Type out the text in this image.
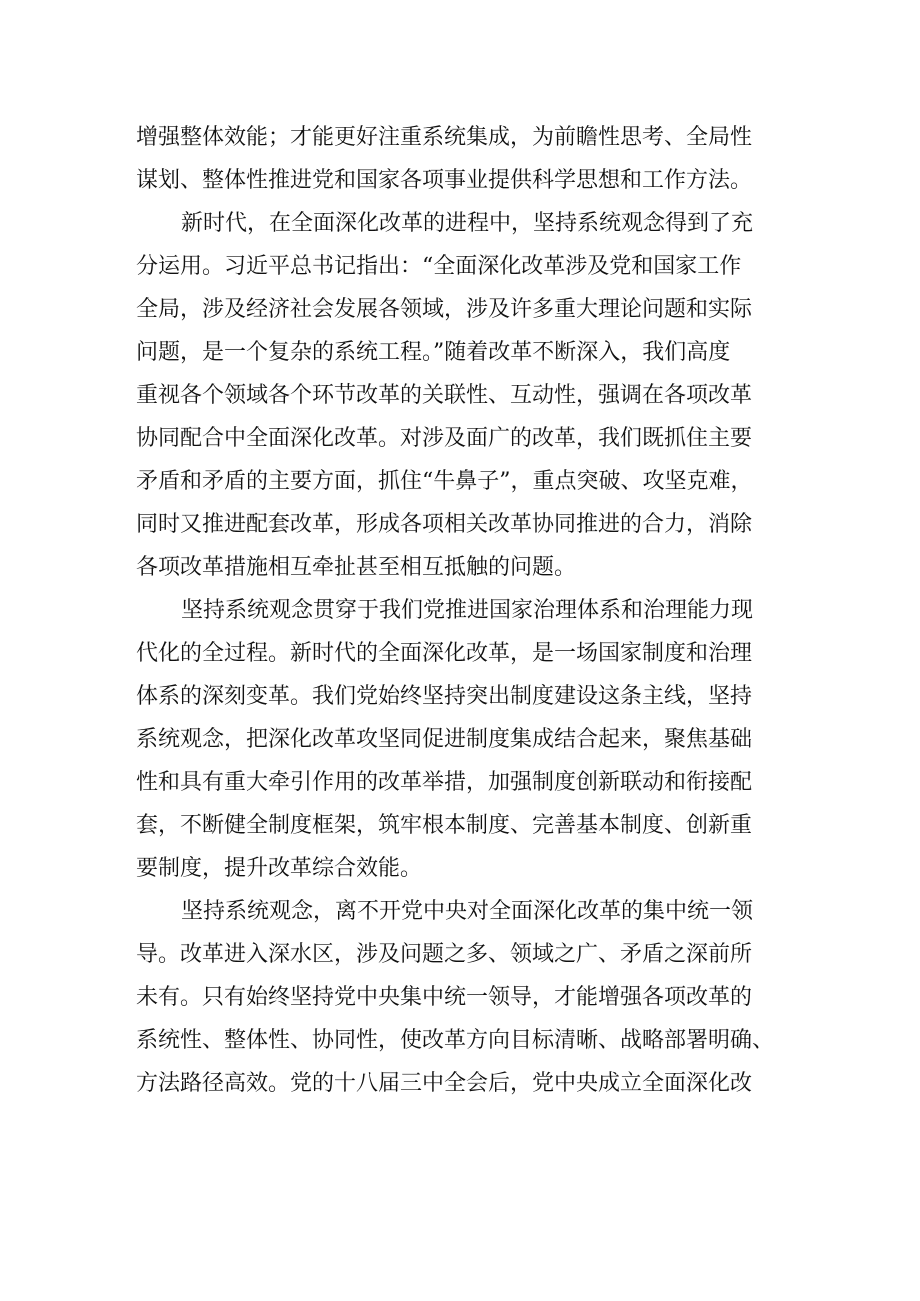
增强整体效能；才能更好注重系统集成，为前瞻性思考、全局性
谋划、整体性推进党和国家各项事业提供科学思想和工作方法。
新时代，在全面深化改革的进程中，坚持系统观念得到了充
分运用。习近平总书记指出：“全面深化改革涉及党和国家工作
全局，涉及经济社会发展各领域，涉及许多重大理论问题和实际
问题，是一个复杂的系统工程。”随着改革不断深入，我们高度
重视各个领域各个环节改革的关联性、互动性，强调在各项改革
协同配合中全面深化改革。对涉及面广的改革，我们既抓住主要
矛盾和矛盾的主要方面，抓住“牛鼻子”，重点突破、攻坚克难，
同时又推进配套改革，形成各项相关改革协同推进的合力，消除
各项改革措施相互牵扯甚至相互抵触的问题。
坚持系统观念贯穿于我们党推进国家治理体系和治理能力现
代化的全过程。新时代的全面深化改革，是一场国家制度和治理
体系的深刻变革。我们党始终坚持突出制度建设这条主线，坚持
系统观念，把深化改革攻坚同促进制度集成结合起来，聚焦基础
性和具有重大牵引作用的改革举措，加强制度创新联动和衔接配
套，不断健全制度框架，筑牢根本制度、完善基本制度、创新重
要制度，提升改革综合效能。
坚持系统观念，离不开党中央对全面深化改革的集中统一领
导。改革进入深水区，涉及问题之多、领域之广、矛盾之深前所
未有。只有始终坚持党中央集中统一领导，才能增强各项改革的
系统性、整体性、协同性，使改革方向目标清晰、战略部署明确、
方法路径高效。党的十八届三中全会后，党中央成立全面深化改
